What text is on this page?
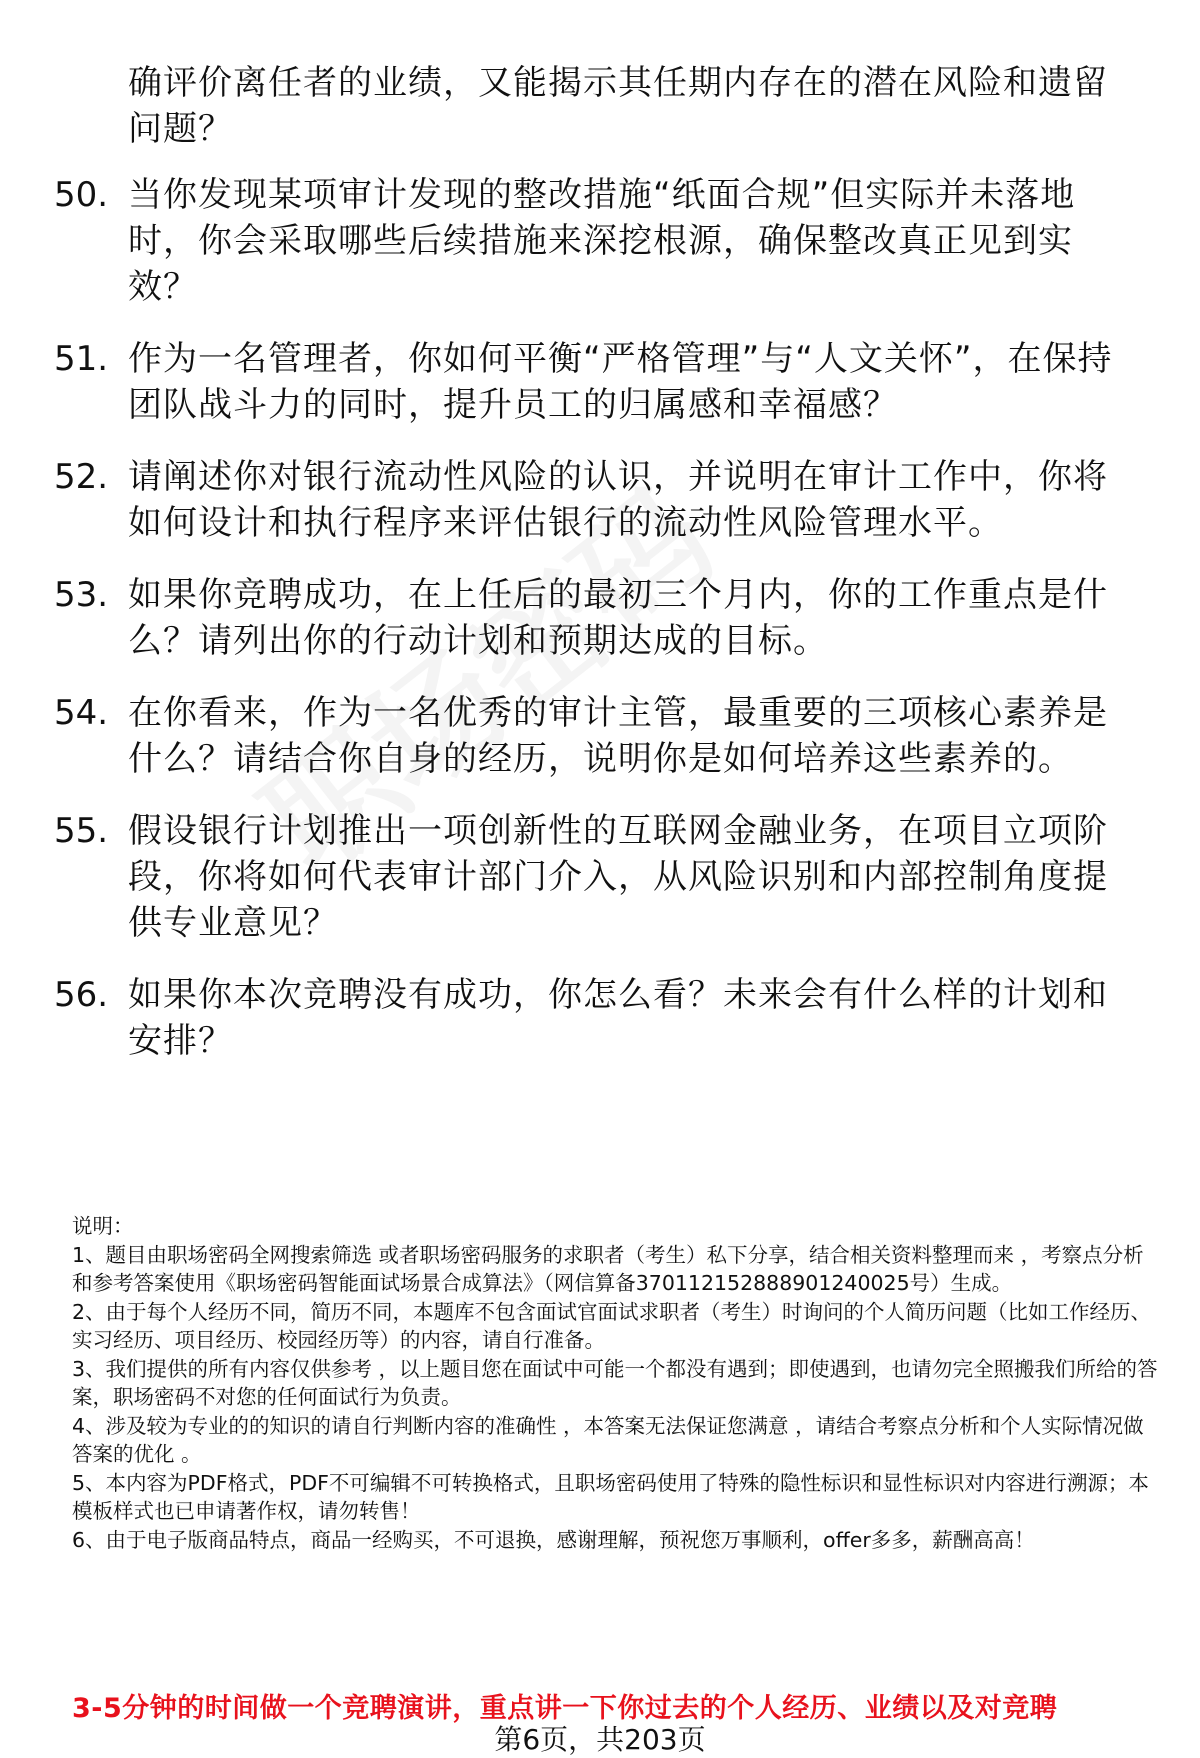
确评价离任者的业绩，又能揭示其任期内存在的潜在风险和遗留问题？
50. 当你发现某项审计发现的整改措施“纸面合规”但实际并未落地时，你会采取哪些后续措施来深挖根源，确保整改真正见到实效？
51. 作为一名管理者，你如何平衡“严格管理”与“人文关怀”，在保持团队战斗力的同时，提升员工的归属感和幸福感？
52. 请阐述你对银行流动性风险的认识，并说明在审计工作中，你将如何设计和执行程序来评估银行的流动性风险管理水平。
53. 如果你竞聘成功，在上任后的最初三个月内，你的工作重点是什么？请列出你的行动计划和预期达成的目标。
54. 在你看来，作为一名优秀的审计主管，最重要的三项核心素养是什么？请结合你自身的经历，说明你是如何培养这些素养的。
55. 假设银行计划推出一项创新性的互联网金融业务，在项目立项阶段，你将如何代表审计部门介入，从风险识别和内部控制角度提供专业意见？
56. 如果你本次竞聘没有成功，你怎么看？未来会有什么样的计划和安排？

说明：

1、题目由职场密码全网搜索筛选 或者职场密码服务的求职者（考生）私下分享，结合相关资料整理而来 ，考察点分析和参考答案使用《职场密码智能面试场景合成算法》（网信算备370112152888901240025号）生成。

2、由于每个人经历不同，简历不同，本题库不包含面试官面试求职者（考生）时询问的个人简历问题（比如工作经历、实习经历、项目经历、校园经历等）的内容，请自行准备。

3、我们提供的所有内容仅供参考 ，以上题目您在面试中可能一个都没有遇到；即使遇到，也请勿完全照搬我们所给的答案，职场密码不对您的任何面试行为负责。

4、涉及较为专业的的知识的请自行判断内容的准确性 ，本答案无法保证您满意 ，请结合考察点分析和个人实际情况做答案的优化 。

5、本内容为PDF格式，PDF不可编辑不可转换格式，且职场密码使用了特殊的隐性标识和显性标识对内容进行溯源；本模板样式也已申请著作权，请勿转售！

6、由于电子版商品特点，商品一经购买，不可退换，感谢理解，预祝您万事顺利，offer多多，薪酬高高！

3-5分钟的时间做一个竞聘演讲，重点讲一下你过去的个人经历、业绩以及对竞聘
第6页，共203页
